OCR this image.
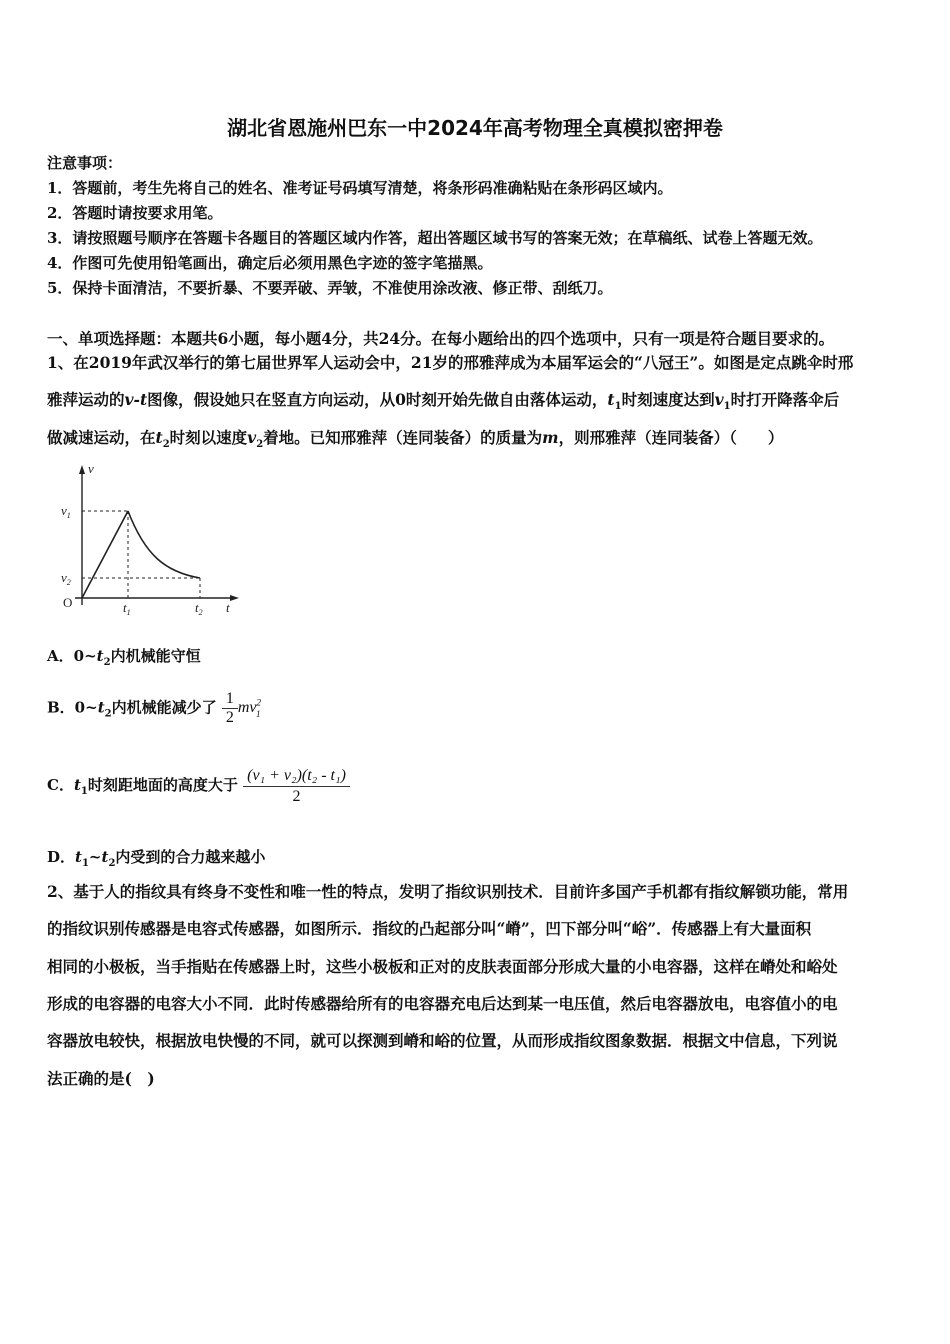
湖北省恩施州巴东一中2024年高考物理全真模拟密押卷
注意事项：
1．答题前，考生先将自己的姓名、准考证号码填写清楚，将条形码准确粘贴在条形码区域内。
2．答题时请按要求用笔。
3．请按照题号顺序在答题卡各题目的答题区域内作答，超出答题区域书写的答案无效；在草稿纸、试卷上答题无效。
4．作图可先使用铅笔画出，确定后必须用黑色字迹的签字笔描黑。
5．保持卡面清洁，不要折暴、不要弄破、弄皱，不准使用涂改液、修正带、刮纸刀。
一、单项选择题：本题共6小题，每小题4分，共24分。在每小题给出的四个选项中，只有一项是符合题目要求的。
1、在2019年武汉举行的第七届世界军人运动会中，21岁的邢雅萍成为本届军运会的“八冠王”。如图是定点跳伞时邢
雅萍运动的v-t图像，假设她只在竖直方向运动，从0时刻开始先做自由落体运动，$t_1$时刻速度达到$v_1$时打开降落伞后
做减速运动，在$t_2$时刻以速度$v_2$着地。已知邢雅萍（连同装备）的质量为m，则邢雅萍（连同装备）（　　）
v
t
O
$v_1$
$v_2$
$t_1$	$t_2$
A．$0\sim t_2$内机械能守恒
B．$0\sim t_2$内机械能减少了 $\frac{1}{2} mv^2_1$
C．$t_1$时刻距地面的高度大于 $\frac{\text{(v₁ + v₂)(t₂ - t₁)}}{2}$
D．$t_1\sim t_2$内受到的合力越来越小
2、基于人的指纹具有终身不变性和唯一性的特点，发明了指纹识别技术．目前许多国产手机都有指纹解锁功能，常用
的指纹识别传感器是电容式传感器，如图所示．指纹的凸起部分叫“嵴”，凹下部分叫“峪”．传感器上有大量面积
相同的小极板，当手指贴在传感器上时，这些小极板和正对的皮肤表面部分形成大量的小电容器，这样在嵴处和峪处
形成的电容器的电容大小不同．此时传感器给所有的电容器充电后达到某一电压值，然后电容器放电，电容值小的电
容器放电较快，根据放电快慢的不同，就可以探测到嵴和峪的位置，从而形成指纹图象数据．根据文中信息，下列说
法正确的是(　)
